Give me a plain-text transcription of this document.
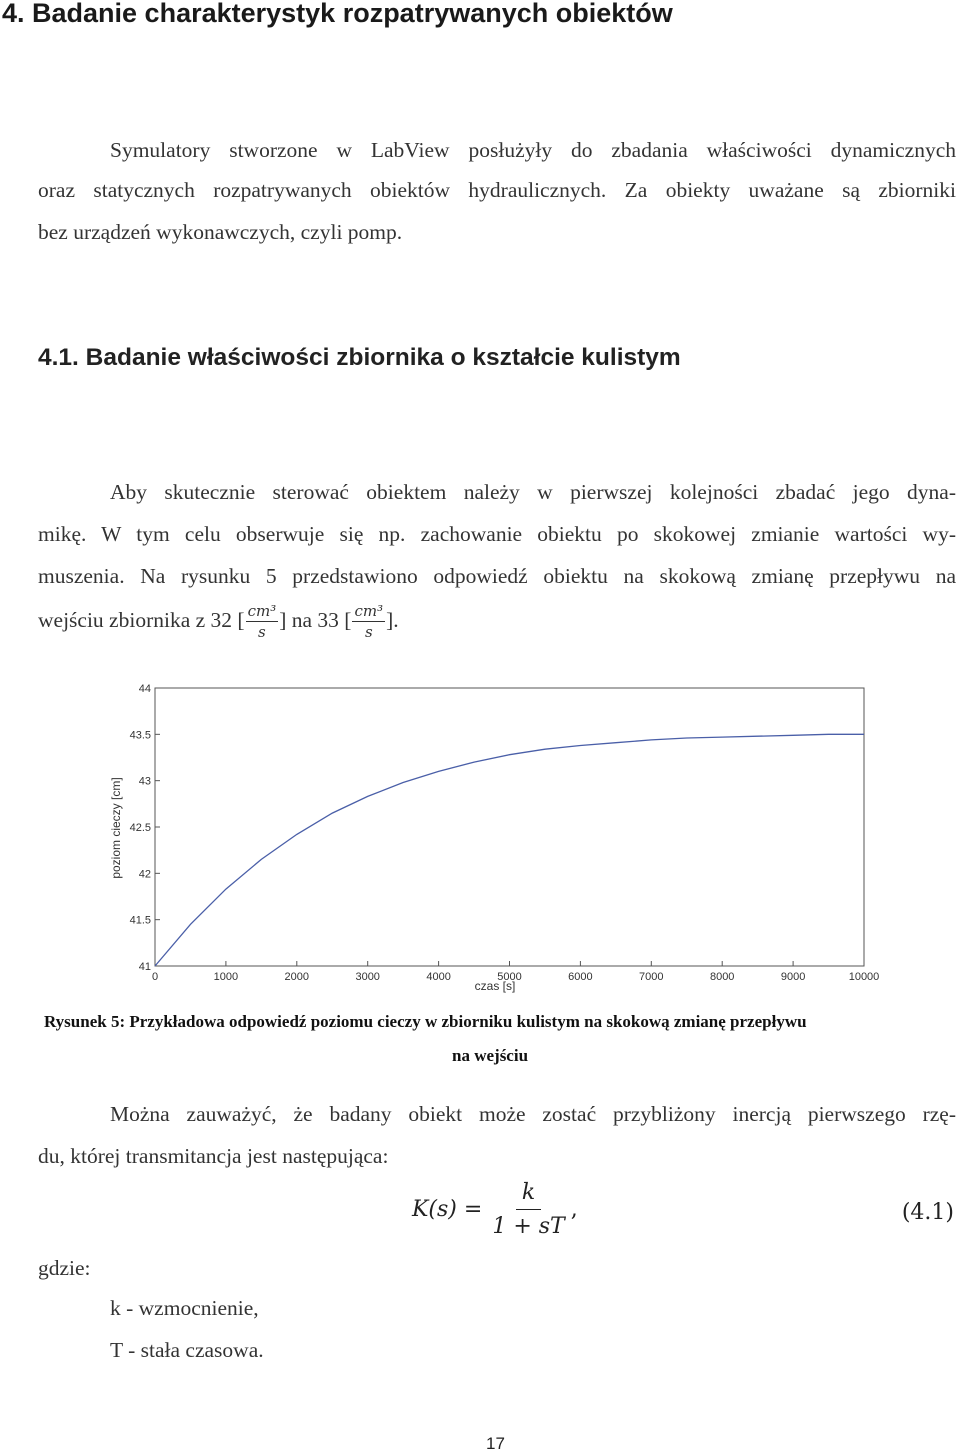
4. Badanie charakterystyk rozpatrywanych obiektów
Symulatory stworzone w LabView posłużyły do zbadania właściwości dynamicznych
oraz statycznych rozpatrywanych obiektów hydraulicznych. Za obiekty uważane są zbiorniki
bez urządzeń wykonawczych, czyli pomp.
4.1. Badanie właściwości zbiornika o kształcie kulistym
Aby skutecznie sterować obiektem należy w pierwszej kolejności zbadać jego dyna-
mikę. W tym celu obserwuje się np. zachowanie obiektu po skokowej zmianie wartości wy-
muszenia. Na rysunku 5 przedstawiono odpowiedź obiektu na skokową zmianę przepływu na
wejściu zbiornika z 32 [ $\frac{\text{cm³}}{s}$ ] na 33 [ $\frac{\text{cm³}}{s}$ ].
0	1000	2000	3000	4000	5000	6000	7000	8000	9000	10000
41
41.5
42
42.5
43
43.5
44
czas [s]
poziom cieczy [cm]
Rysunek 5: Przykładowa odpowiedź poziomu cieczy w zbiorniku kulistym na skokową zmianę przepływu
na wejściu
Można zauważyć, że badany obiekt może zostać przybliżony inercją pierwszego rzę-
du, której transmitancja jest następująca:
$K(s) = \frac{k}{1 + sT}$ ,	(4.1)
gdzie:
k - wzmocnienie,
T - stała czasowa.
17
